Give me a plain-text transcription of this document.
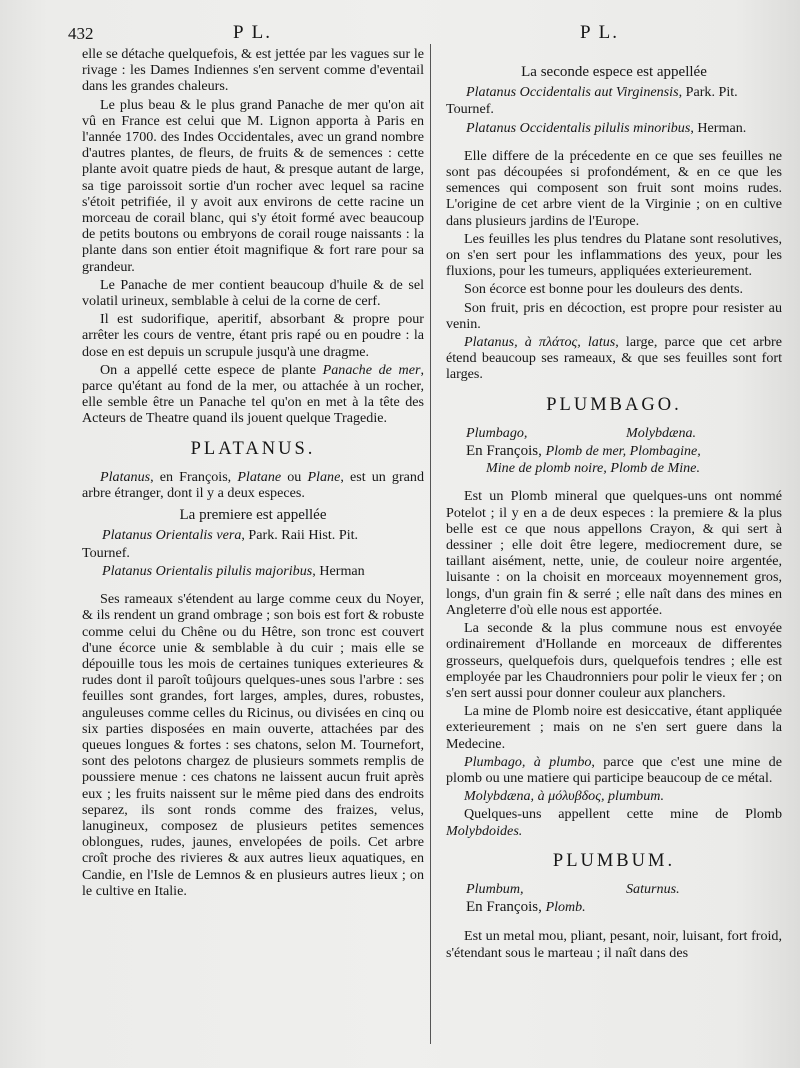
432	P L.	P L.

elle se détache quelquefois, & est jettée par les vagues sur le rivage : les Dames Indiennes s'en servent comme d'eventail dans les grandes chaleurs.

Le plus beau & le plus grand Panache de mer qu'on ait vû en France est celui que M. Lignon apporta à Paris en l'année 1700. des Indes Occidentales, avec un grand nombre d'autres plantes, de fleurs, de fruits & de semences : cette plante avoit quatre pieds de haut, & presque autant de large, sa tige paroissoit sortie d'un rocher avec lequel sa racine s'étoit petrifiée, il y avoit aux environs de cette racine un morceau de corail blanc, qui s'y étoit formé avec beaucoup de petits boutons ou embryons de corail rouge naissants : la plante dans son entier étoit magnifique & fort rare pour sa grandeur.

Le Panache de mer contient beaucoup d'huile & de sel volatil urineux, semblable à celui de la corne de cerf.

Il est sudorifique, aperitif, absorbant & propre pour arrêter les cours de ventre, étant pris rapé ou en poudre : la dose en est depuis un scrupule jusqu'à une dragme.

On a appellé cette espece de plante Panache de mer, parce qu'étant au fond de la mer, ou attachée à un rocher, elle semble être un Panache tel qu'on en met à la tête des Acteurs de Theatre quand ils jouent quelque Tragedie.

PLATANUS.

Platanus, en François, Platane ou Plane, est un grand arbre étranger, dont il y a deux especes.

La premiere est appellée

Platanus Orientalis vera, Park. Raii Hist. Pit.

Tournef.

Platanus Orientalis pilulis majoribus, Herman

Ses rameaux s'étendent au large comme ceux du Noyer, & ils rendent un grand ombrage ; son bois est fort & robuste comme celui du Chêne ou du Hêtre, son tronc est couvert d'une écorce unie & semblable à du cuir ; mais elle se dépouille tous les mois de certaines tuniques exterieures & rudes dont il paroît toûjours quelques-unes sous l'arbre : ses feuilles sont grandes, fort larges, amples, dures, robustes, anguleuses comme celles du Ricinus, ou divisées en cinq ou six parties disposées en main ouverte, attachées par des queues longues & fortes : ses chatons, selon M. Tournefort, sont des pelotons chargez de plusieurs sommets remplis de poussiere menue : ces chatons ne laissent aucun fruit après eux ; les fruits naissent sur le même pied dans des endroits separez, ils sont ronds comme des fraizes, velus, lanugineux, composez de plusieurs petites semences oblongues, rudes, jaunes, envelopées de poils. Cet arbre croît proche des rivieres & aux autres lieux aquatiques, en Candie, en l'Isle de Lemnos & en plusieurs autres lieux ; on le cultive en Italie.

La seconde espece est appellée

Platanus Occidentalis aut Virginensis, Park. Pit.

Tournef.

Platanus Occidentalis pilulis minoribus, Herman.

Elle differe de la précedente en ce que ses feuilles ne sont pas découpées si profondément, & en ce que les semences qui composent son fruit sont moins rudes. L'origine de cet arbre vient de la Virginie ; on en cultive dans plusieurs jardins de l'Europe.

Les feuilles les plus tendres du Platane sont resolutives, on s'en sert pour les inflammations des yeux, pour les fluxions, pour les tumeurs, appliquées exterieurement.

Son écorce est bonne pour les douleurs des dents.

Son fruit, pris en décoction, est propre pour resister au venin.

Platanus, à πλάτος, latus, large, parce que cet arbre étend beaucoup ses rameaux, & que ses feuilles sont fort larges.

PLUMBAGO.
Plumbago,	Molybdæna.

En François, Plomb de mer, Plombagine,

Mine de plomb noire, Plomb de Mine.

Est un Plomb mineral que quelques-uns ont nommé Potelot ; il y en a de deux especes : la premiere & la plus belle est ce que nous appellons Crayon, & qui sert à dessiner ; elle doit être legere, mediocrement dure, se taillant aisément, nette, unie, de couleur noire argentée, luisante : on la choisit en morceaux moyennement gros, longs, d'un grain fin & serré ; elle naît dans des mines en Angleterre d'où elle nous est apportée.

La seconde & la plus commune nous est envoyée ordinairement d'Hollande en morceaux de differentes grosseurs, quelquefois durs, quelquefois tendres ; elle est employée par les Chaudronniers pour polir le vieux fer ; on s'en sert aussi pour donner couleur aux planchers.

La mine de Plomb noire est desiccative, étant appliquée exterieurement ; mais on ne s'en sert guere dans la Medecine.

Plumbago, à plumbo, parce que c'est une mine de plomb ou une matiere qui participe beaucoup de ce métal.

Molybdæna, à μόλυβδος, plumbum.

Quelques-uns appellent cette mine de Plomb Molybdoides.

PLUMBUM.
Plumbum,	Saturnus.

En François, Plomb.

Est un metal mou, pliant, pesant, noir, luisant, fort froid, s'étendant sous le marteau ; il naît dans des
